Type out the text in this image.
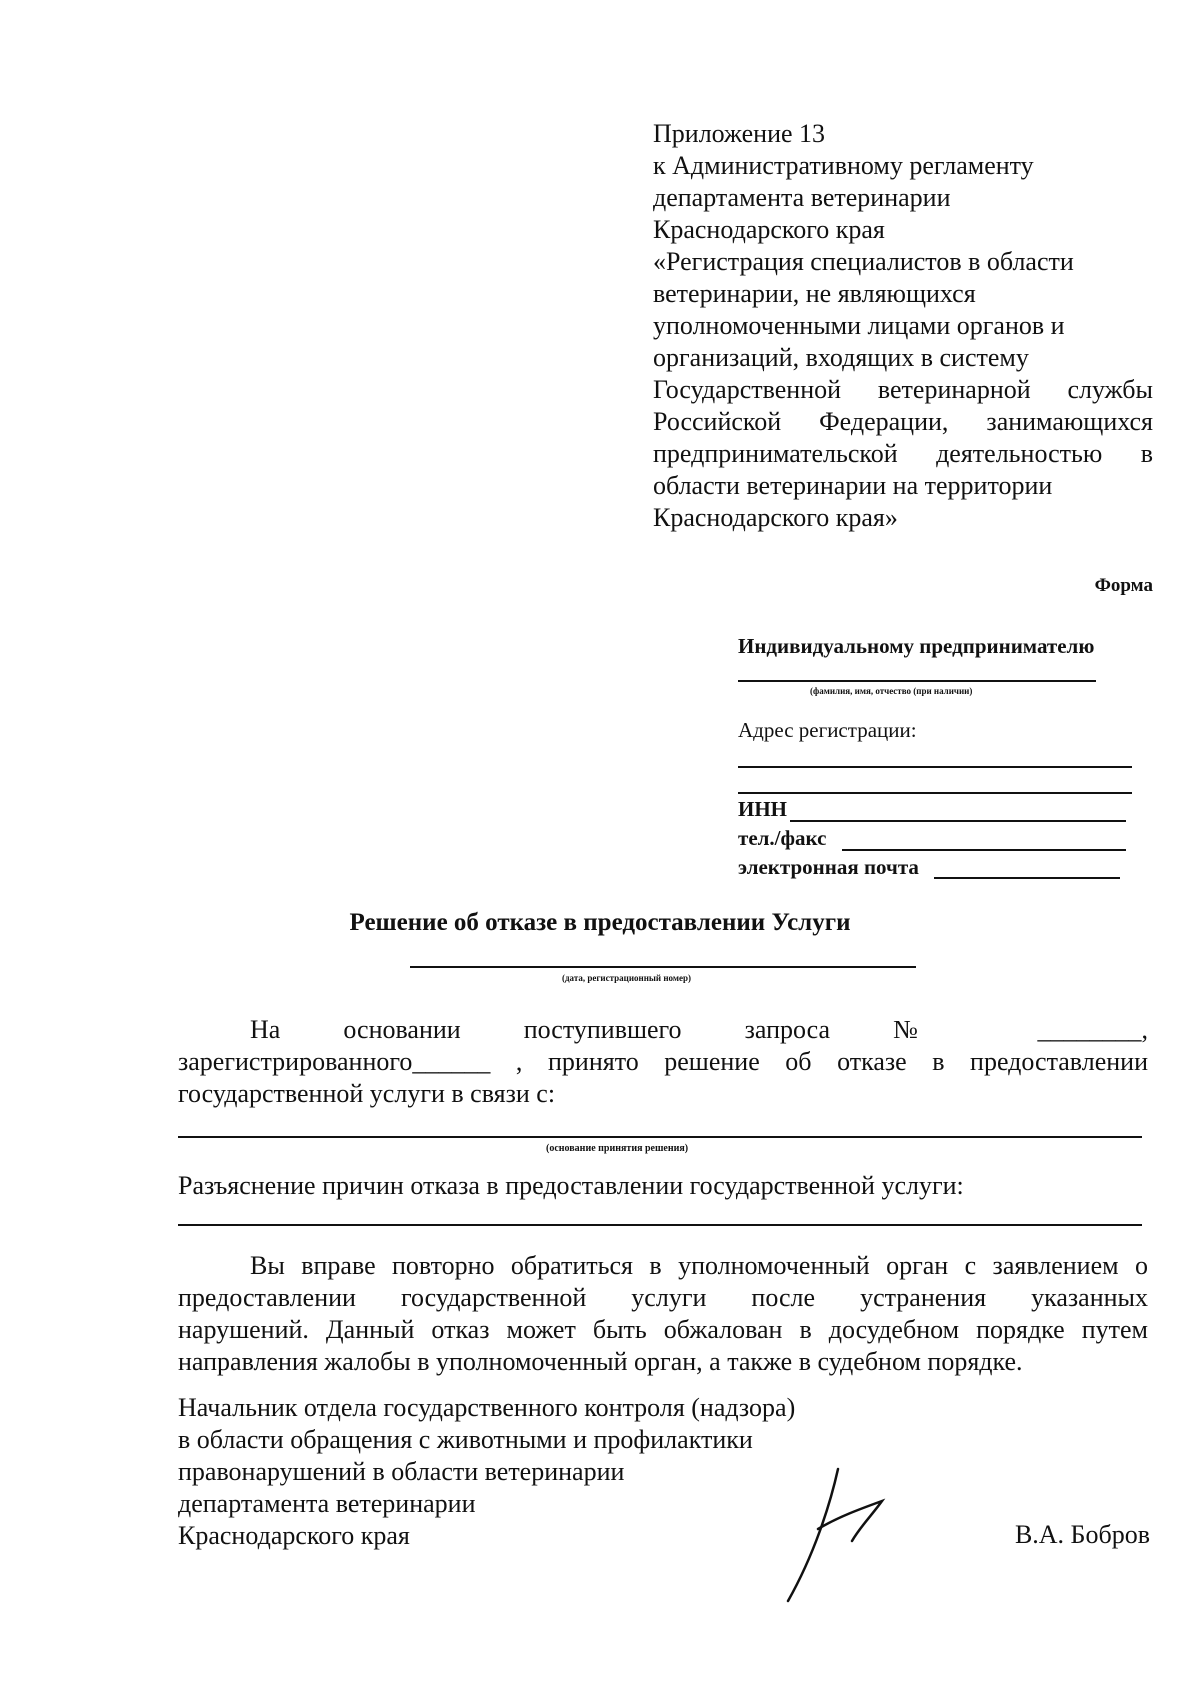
Приложение 13
к Административному регламенту
департамента ветеринарии
Краснодарского края
«Регистрация специалистов в области
ветеринарии, не являющихся
уполномоченными лицами органов и
организаций, входящих в систему
Государственной ветеринарной службы
Российской Федерации, занимающихся
предпринимательской деятельностью в
области ветеринарии на территории
Краснодарского края»
Форма
Индивидуальному предпринимателю
(фамилия, имя, отчество (при наличии)
Адрес регистрации:
ИНН
тел./факс
электронная почта
Решение об отказе в предоставлении Услуги
(дата, регистрационный номер)
На основании поступившего запроса № ________,
зарегистрированного______ , принято решение об отказе в предоставлении
государственной услуги в связи с:
(основание принятия решения)
Разъяснение причин отказа в предоставлении государственной услуги:
Вы вправе повторно обратиться в уполномоченный орган с заявлением о
предоставлении государственной услуги после устранения указанных
нарушений. Данный отказ может быть обжалован в досудебном порядке путем
направления жалобы в уполномоченный орган, а также в судебном порядке.
Начальник отдела государственного контроля (надзора)
в области обращения с животными и профилактики
правонарушений в области ветеринарии
департамента ветеринарии
Краснодарского края	В.А. Бобров
